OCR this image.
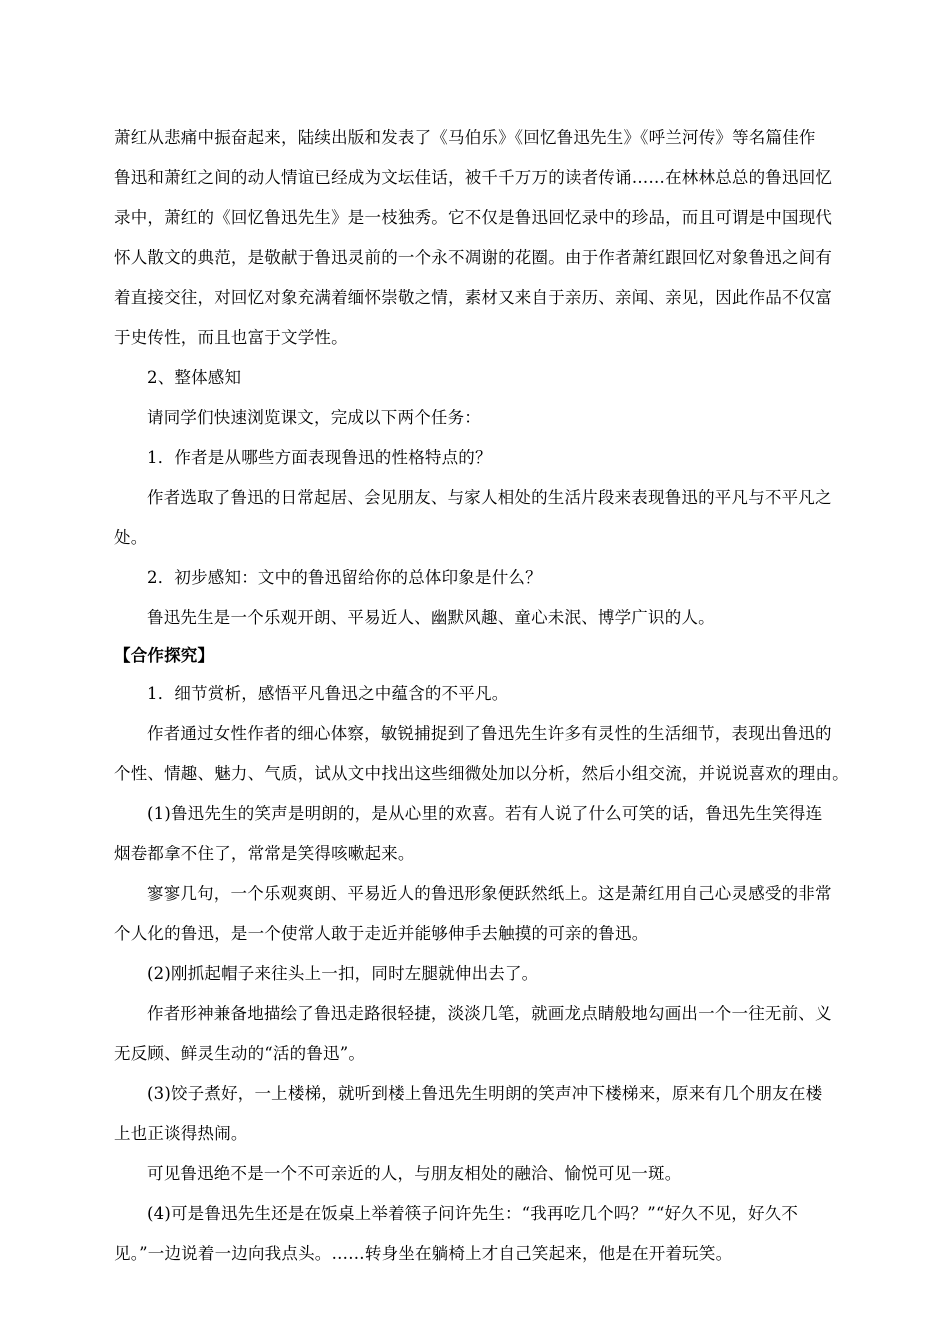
萧红从悲痛中振奋起来，陆续出版和发表了《马伯乐》《回忆鲁迅先生》《呼兰河传》等名篇佳作
鲁迅和萧红之间的动人情谊已经成为文坛佳话，被千千万万的读者传诵……在林林总总的鲁迅回忆
录中，萧红的《回忆鲁迅先生》是一枝独秀。它不仅是鲁迅回忆录中的珍品，而且可谓是中国现代
怀人散文的典范，是敬献于鲁迅灵前的一个永不凋谢的花圈。由于作者萧红跟回忆对象鲁迅之间有
着直接交往，对回忆对象充满着缅怀崇敬之情，素材又来自于亲历、亲闻、亲见，因此作品不仅富
于史传性，而且也富于文学性。
2、整体感知
请同学们快速浏览课文，完成以下两个任务：
1．作者是从哪些方面表现鲁迅的性格特点的？
作者选取了鲁迅的日常起居、会见朋友、与家人相处的生活片段来表现鲁迅的平凡与不平凡之
处。
2．初步感知：文中的鲁迅留给你的总体印象是什么？
鲁迅先生是一个乐观开朗、平易近人、幽默风趣、童心未泯、博学广识的人。
【合作探究】
1．细节赏析，感悟平凡鲁迅之中蕴含的不平凡。
作者通过女性作者的细心体察，敏锐捕捉到了鲁迅先生许多有灵性的生活细节，表现出鲁迅的
个性、情趣、魅力、气质，试从文中找出这些细微处加以分析，然后小组交流，并说说喜欢的理由。
(1)鲁迅先生的笑声是明朗的，是从心里的欢喜。若有人说了什么可笑的话，鲁迅先生笑得连
烟卷都拿不住了，常常是笑得咳嗽起来。
寥寥几句，一个乐观爽朗、平易近人的鲁迅形象便跃然纸上。这是萧红用自己心灵感受的非常
个人化的鲁迅，是一个使常人敢于走近并能够伸手去触摸的可亲的鲁迅。
(2)刚抓起帽子来往头上一扣，同时左腿就伸出去了。
作者形神兼备地描绘了鲁迅走路很轻捷，淡淡几笔，就画龙点睛般地勾画出一个一往无前、义
无反顾、鲜灵生动的“活的鲁迅”。
(3)饺子煮好，一上楼梯，就听到楼上鲁迅先生明朗的笑声冲下楼梯来，原来有几个朋友在楼
上也正谈得热闹。
可见鲁迅绝不是一个不可亲近的人，与朋友相处的融洽、愉悦可见一斑。
(4)可是鲁迅先生还是在饭桌上举着筷子问许先生：“我再吃几个吗？”“好久不见，好久不
见。”一边说着一边向我点头。……转身坐在躺椅上才自己笑起来，他是在开着玩笑。
